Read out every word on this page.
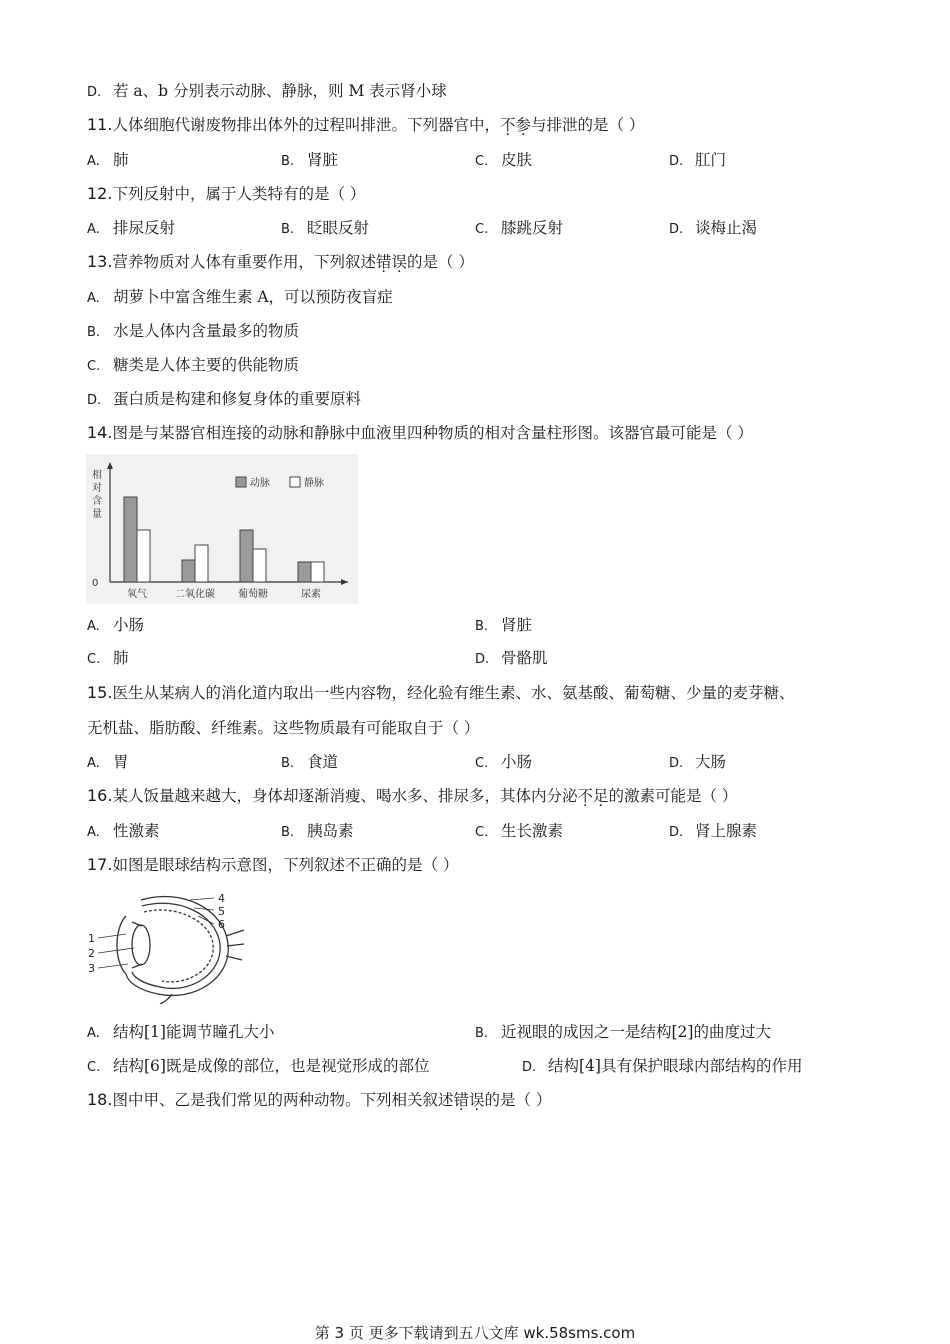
D. 若 a、b 分别表示动脉、静脉，则 M 表示肾小球
11.人体细胞代谢废物排出体外的过程叫排泄。下列器官中，不参与排泄的是（ ）
A. 肺	B. 肾脏	C. 皮肤	D. 肛门
12.下列反射中，属于人类特有的是（ ）
A. 排尿反射	B. 眨眼反射	C. 膝跳反射	D. 谈梅止渴
13.营养物质对人体有重要作用，下列叙述错误的是（ ）
A. 胡萝卜中富含维生素 A，可以预防夜盲症
B. 水是人体内含量最多的物质
C. 糖类是人体主要的供能物质
D. 蛋白质是构建和修复身体的重要原料
14.图是与某器官相连接的动脉和静脉中血液里四种物质的相对含量柱形图。该器官最可能是（ ）
相
对
含
量
0
氧气	二氧化碳 葡萄糖	尿素
动脉	静脉
A. 小肠	B. 肾脏
C. 肺	D. 骨骼肌
15.医生从某病人的消化道内取出一些内容物，经化验有维生素、水、氨基酸、葡萄糖、少量的麦芽糖、
无机盐、脂肪酸、纤维素。这些物质最有可能取自于（ ）
A. 胃	B. 食道	C. 小肠	D. 大肠
16.某人饭量越来越大，身体却逐渐消瘦、喝水多、排尿多，其体内分泌不足的激素可能是（ ）
A. 性激素	B. 胰岛素	C. 生长激素	D. 肾上腺素
17.如图是眼球结构示意图，下列叙述不正确的是（ ）
1
2
3
4
5
6
A. 结构[1]能调节瞳孔大小	B. 近视眼的成因之一是结构[2]的曲度过大
C. 结构[6]既是成像的部位，也是视觉形成的部位	D. 结构[4]具有保护眼球内部结构的作用
18.图中甲、乙是我们常见的两种动物。下列相关叙述错误的是（ ）
第 3 页 更多下载请到五八文库 wk.58sms.com
